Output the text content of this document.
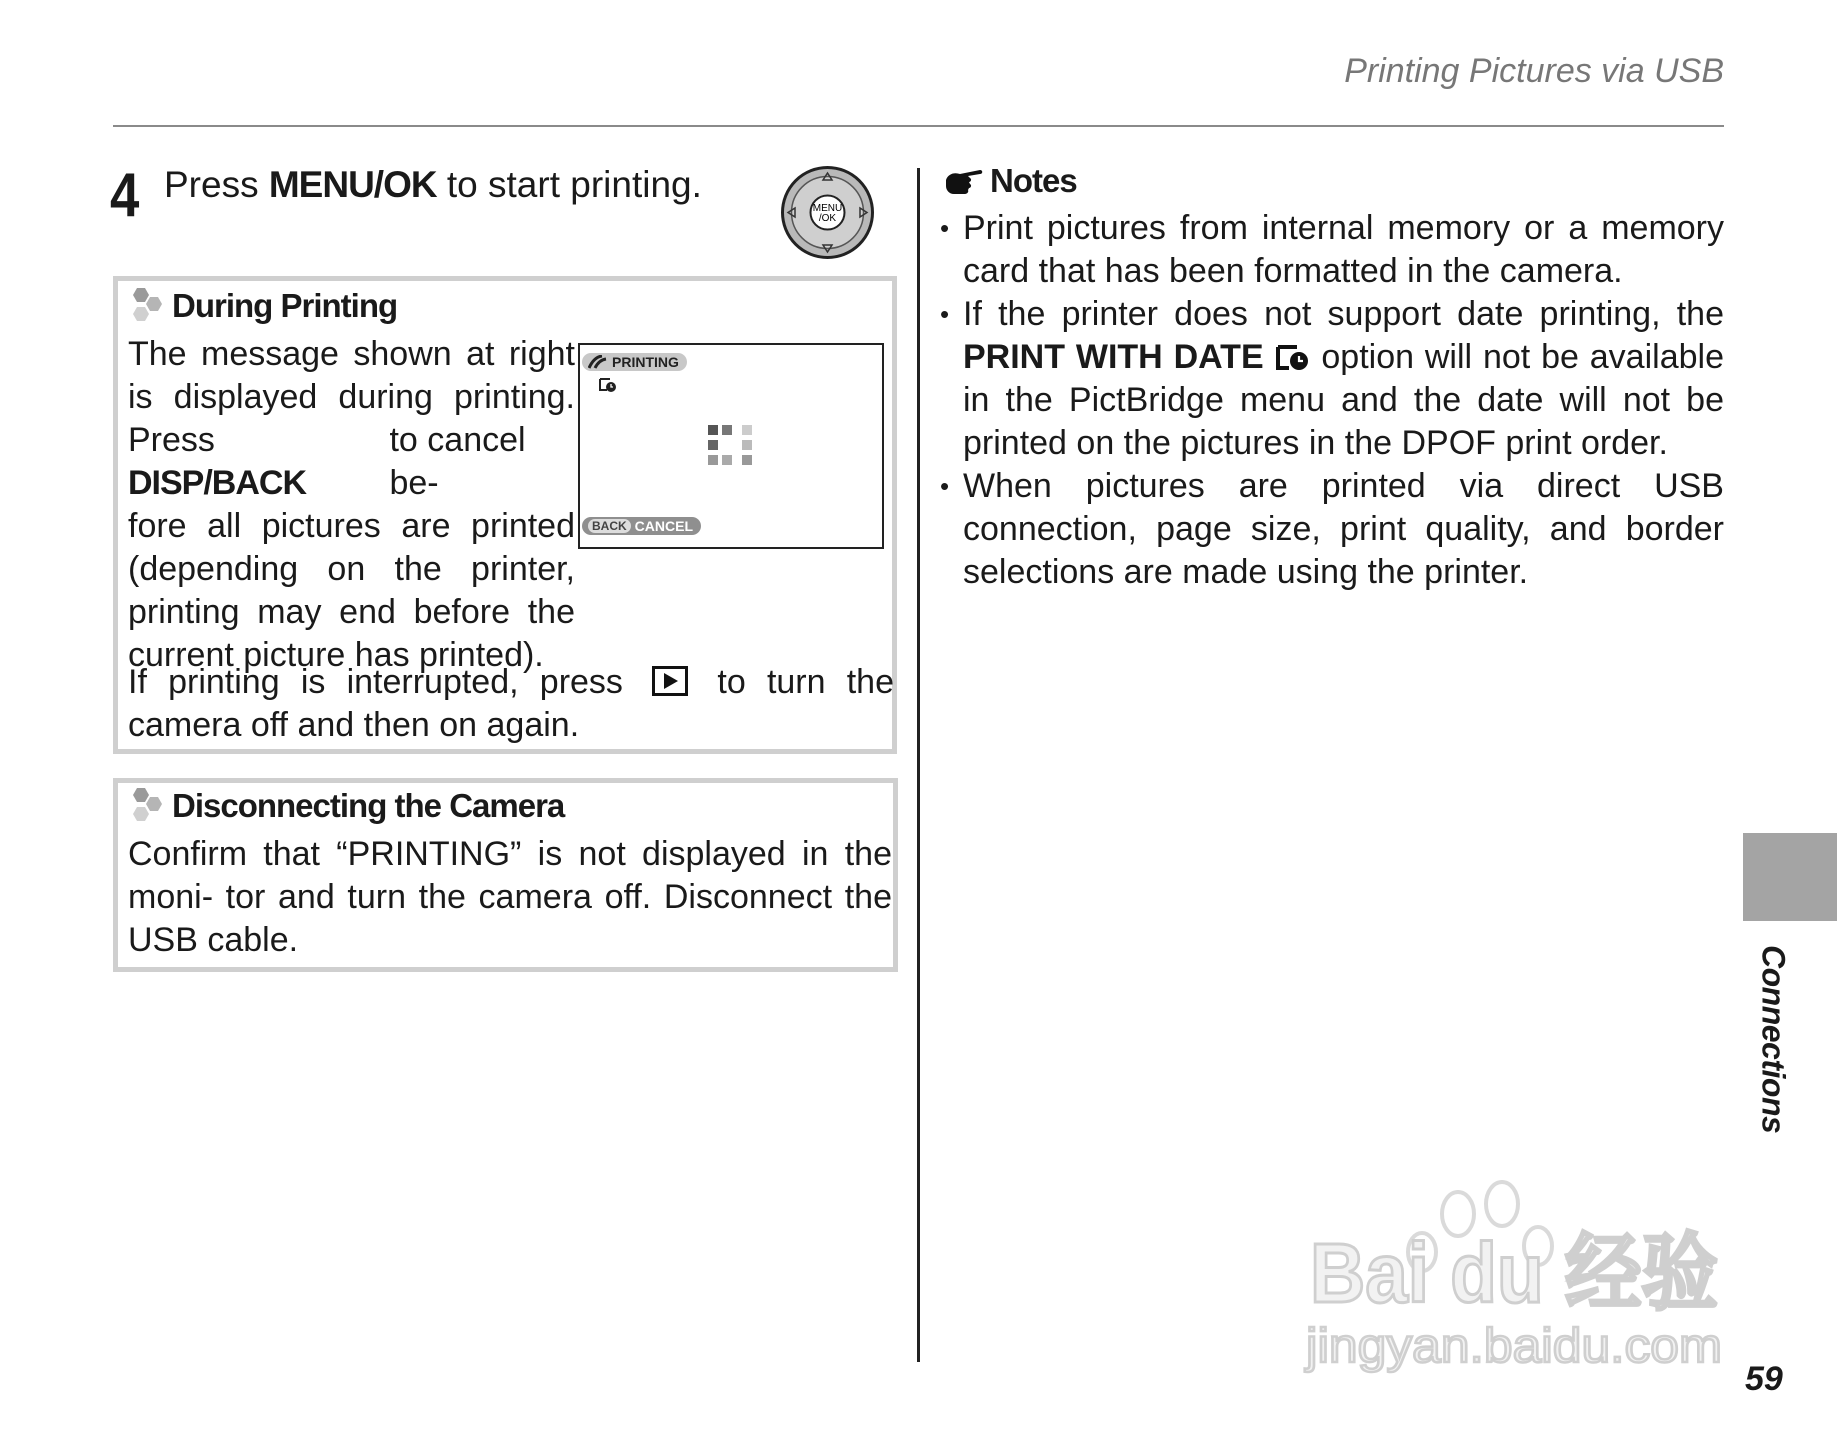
Printing Pictures via USB
4 Press MENU/OK to start printing.
MENU
/OK
During Printing
The message shown at right
is displayed during printing.
Press DISP/BACK
to cancel be-
fore all pictures are printed
(depending on the printer,
printing may end before the
current picture has printed).
PRINTING
BACK CANCEL
If printing is interrupted, press	to turn the camera off and then on again.
Disconnecting the Camera
Confirm that “PRINTING” is not displayed in the moni- tor and turn the camera off. Disconnect the USB cable.
Notes
• Print pictures from internal memory or a memory card that has been formatted in the camera.
• If the printer does not support date printing, the PRINT WITH DATE  option will not be available in the PictBridge menu and the date will not be printed on the pictures in the DPOF print order.
• When pictures are printed via direct USB connection, page size, print quality, and border selections are made using the printer.
Connections
59
Bai du 经验
jingyan.baidu.com
